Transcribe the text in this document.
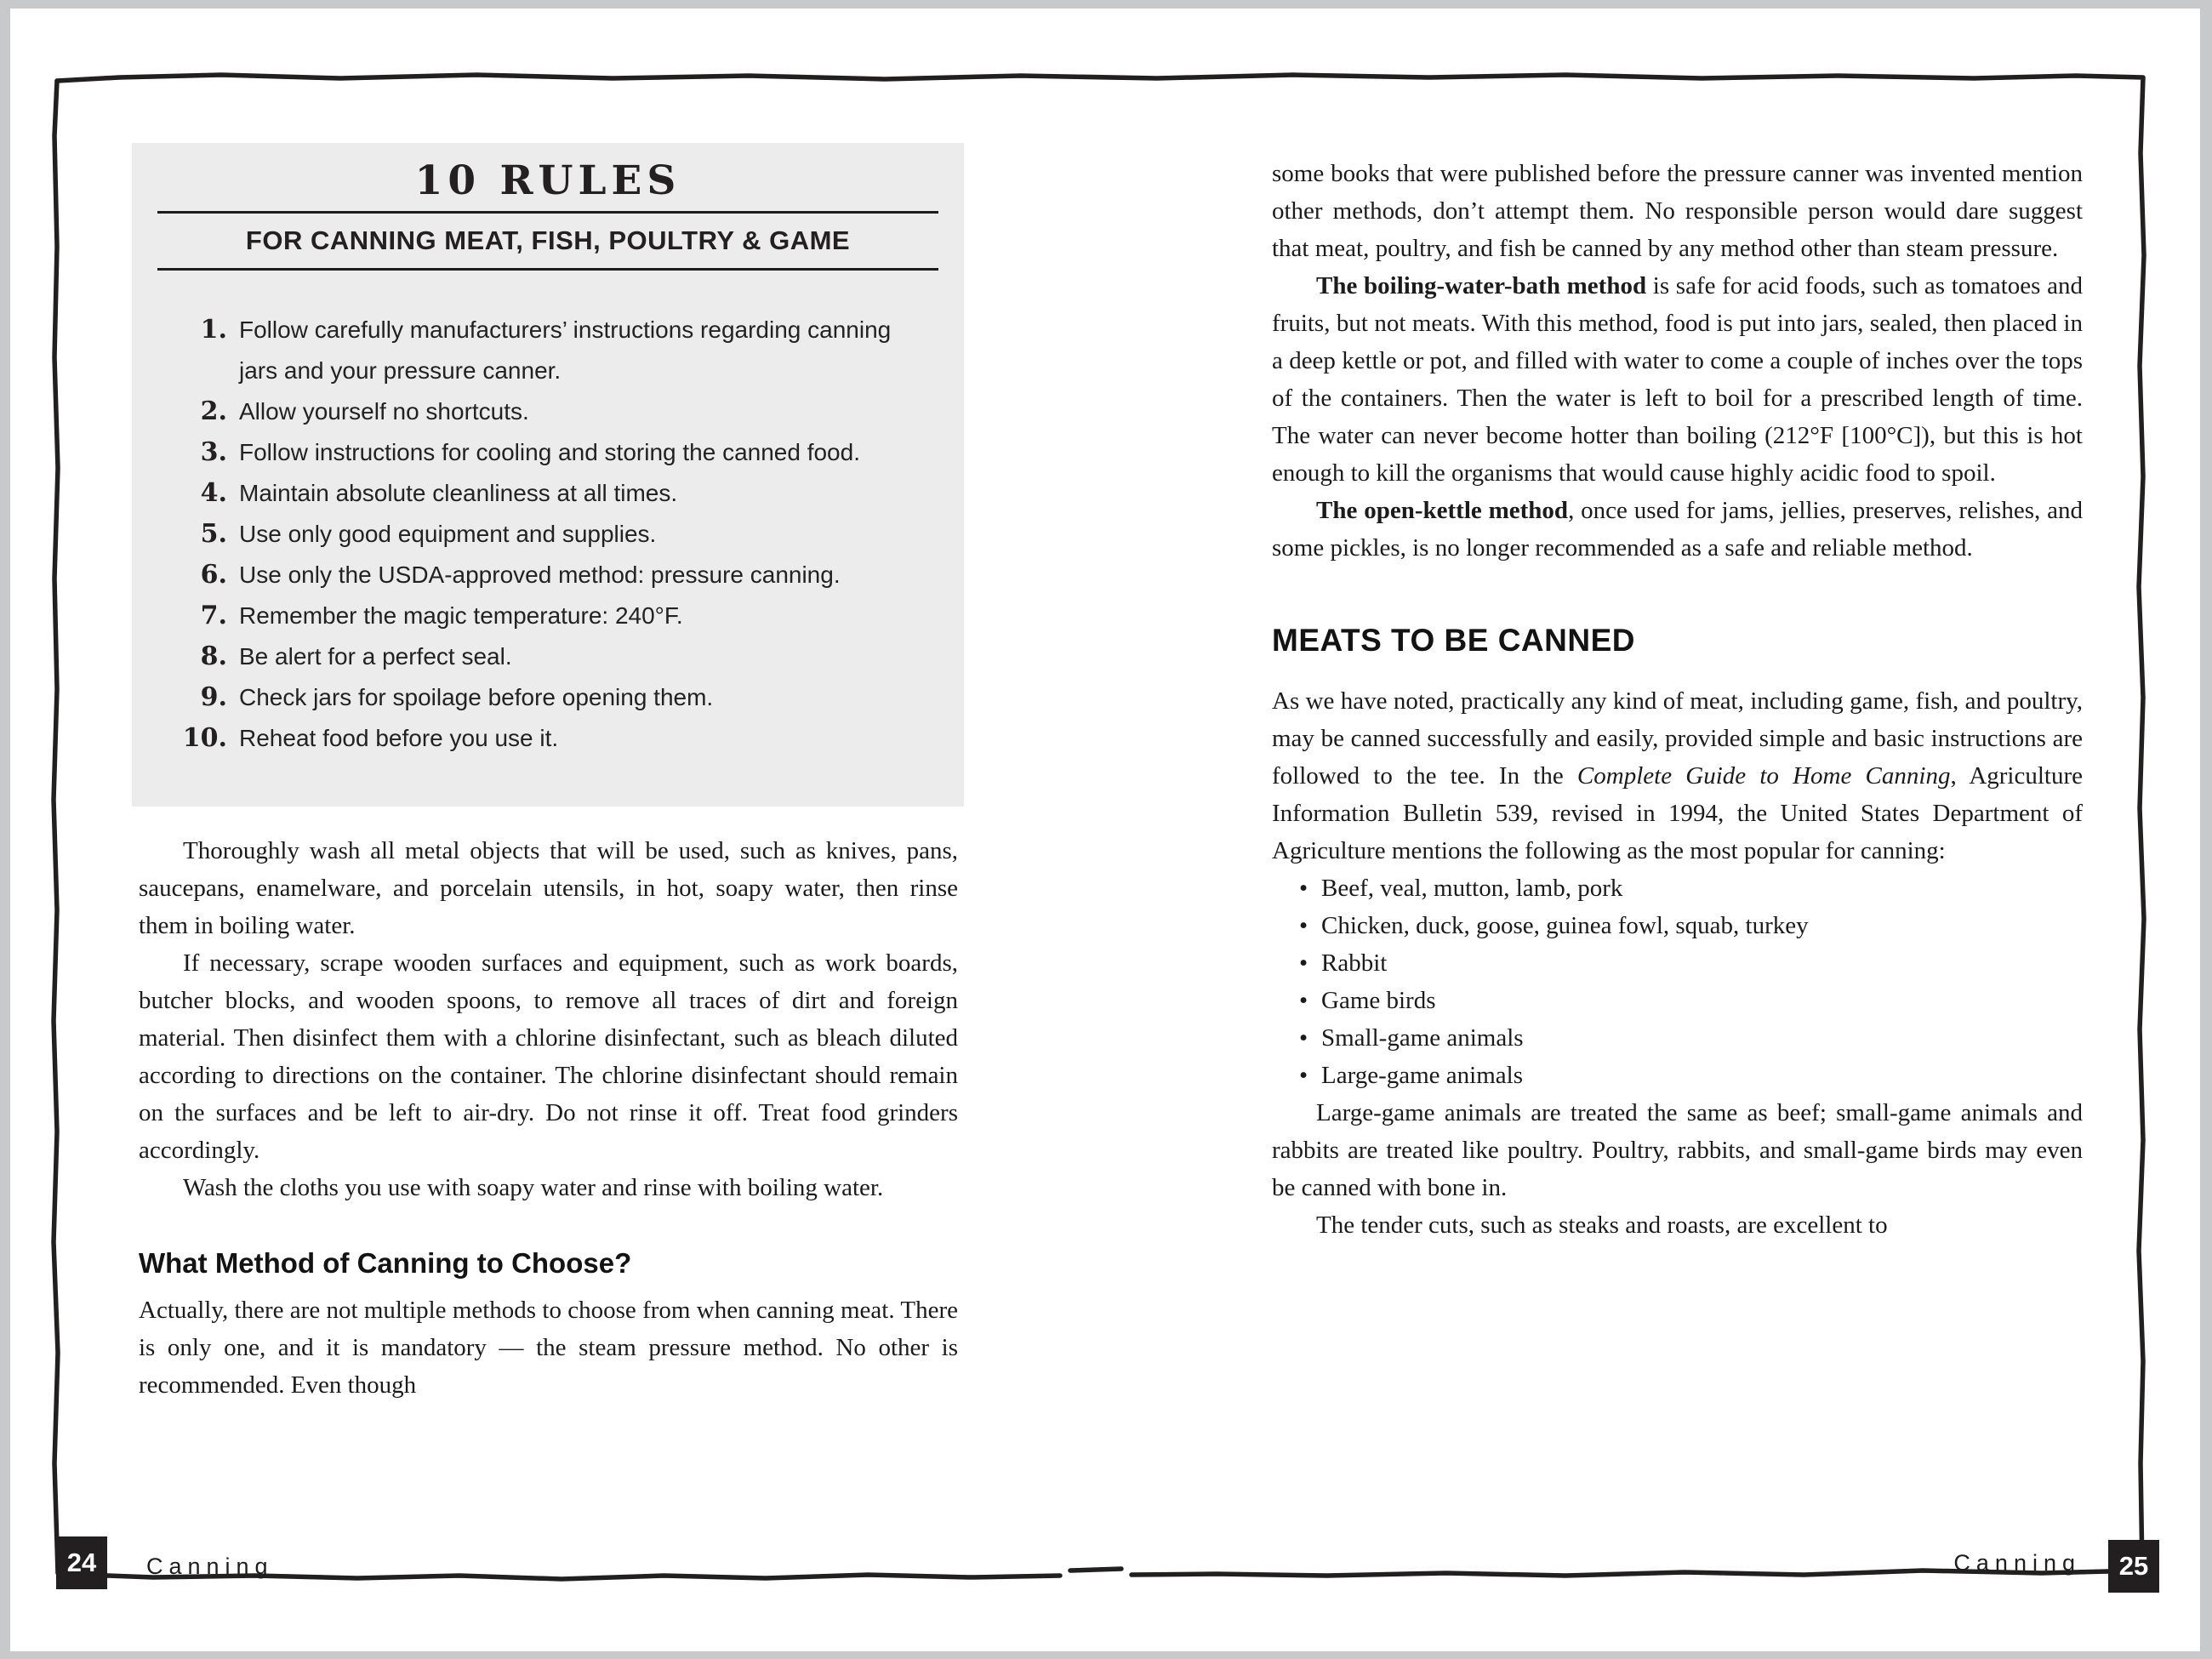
10 RULES
FOR CANNING MEAT, FISH, POULTRY & GAME
1. Follow carefully manufacturers’ instructions regarding canning jars and your pressure canner.
2. Allow yourself no shortcuts.
3. Follow instructions for cooling and storing the canned food.
4. Maintain absolute cleanliness at all times.
5. Use only good equipment and supplies.
6. Use only the USDA-approved method: pressure canning.
7. Remember the magic temperature: 240°F.
8. Be alert for a perfect seal.
9. Check jars for spoilage before opening them.
10. Reheat food before you use it.

Thoroughly wash all metal objects that will be used, such as knives, pans, saucepans, enamelware, and porcelain utensils, in hot, soapy water, then rinse them in boiling water.

If necessary, scrape wooden surfaces and equipment, such as work boards, butcher blocks, and wooden spoons, to remove all traces of dirt and foreign material. Then disinfect them with a chlorine disinfectant, such as bleach diluted according to directions on the container. The chlorine disinfectant should remain on the surfaces and be left to air-dry. Do not rinse it off. Treat food grinders accordingly.

Wash the cloths you use with soapy water and rinse with boiling water.

What Method of Canning to Choose?

Actually, there are not multiple methods to choose from when canning meat. There is only one, and it is mandatory — the steam pressure method. No other is recommended. Even though

24	Canning

some books that were published before the pressure canner was invented mention other methods, don’t attempt them. No responsible person would dare suggest that meat, poultry, and fish be canned by any method other than steam pressure.

The boiling-water-bath method is safe for acid foods, such as tomatoes and fruits, but not meats. With this method, food is put into jars, sealed, then placed in a deep kettle or pot, and filled with water to come a couple of inches over the tops of the containers. Then the water is left to boil for a prescribed length of time. The water can never become hotter than boiling (212°F [100°C]), but this is hot enough to kill the organisms that would cause highly acidic food to spoil.

The open-kettle method, once used for jams, jellies, preserves, relishes, and some pickles, is no longer recommended as a safe and reliable method.

MEATS TO BE CANNED

As we have noted, practically any kind of meat, including game, fish, and poultry, may be canned successfully and easily, provided simple and basic instructions are followed to the tee. In the Complete Guide to Home Canning, Agriculture Information Bulletin 539, revised in 1994, the United States Department of Agriculture mentions the following as the most popular for canning:

• Beef, veal, mutton, lamb, pork
• Chicken, duck, goose, guinea fowl, squab, turkey
• Rabbit
• Game birds
• Small-game animals
• Large-game animals

Large-game animals are treated the same as beef; small-game animals and rabbits are treated like poultry. Poultry, rabbits, and small-game birds may even be canned with bone in.

The tender cuts, such as steaks and roasts, are excellent to

Canning	25
